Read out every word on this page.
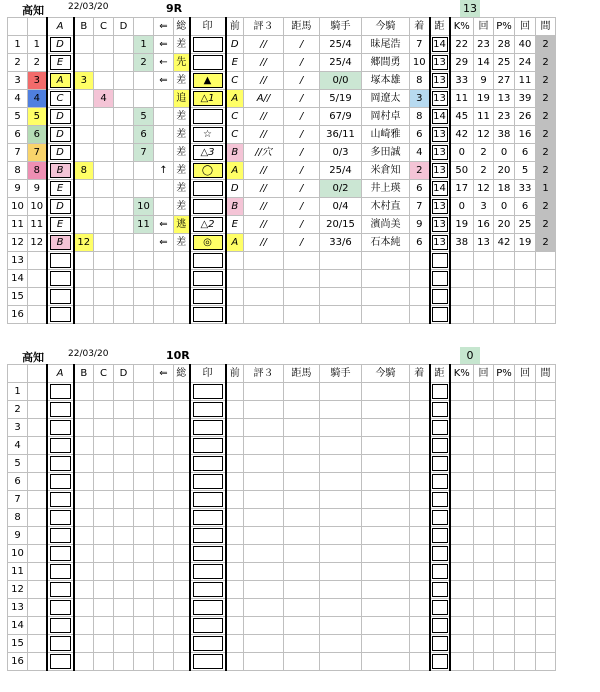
高知	22/03/20	9R	13
		A	B	C	D		⇐	総	印	前	評３	距馬	騎手	今騎	着	距	K%	回	P%	回	間
1	1	D				1	⇐	差		D	//	/	25/4	昧尾浩	7	14	22	23	28	40	2
2	2	E				2	←	先		E	//	/	25/4	郷間勇	10	13	29	14	25	24	2
3	3	A	3				⇐	差	▲	C	//	/	0/0	塚本雄	8	13	33	9	27	11	2
4	4	C		4				追	△1	A	A//	/	5/19	岡遼太	3	13	11	19	13	39	2
5	5	D				5		差		C	//	/	67/9	岡村卓	8	14	45	11	23	26	2
6	6	D				6		差	☆	C	//	/	36/11	山崎雅	6	13	42	12	38	16	2
7	7	D				7		差	△3	B	//穴	/	0/3	多田誠	4	13	0	2	0	6	2
8	8	B	8				↑	差	◯	A	//	/	25/4	米倉知	2	13	50	2	20	5	2
9	9	E						差		D	//	/	0/2	井上瑛	6	14	17	12	18	33	1
10	10	D				10		差		B	//	/	0/4	木村直	7	13	0	3	0	6	2
11	11	E				11	⇐	逃	△2	E	//	/	20/15	濱尚美	9	13	19	16	20	25	2
12	12	B	12				⇐	差	◎	A	//	/	33/6	石本純	6	13	38	13	42	19	2
13		

14		

15		

16		

高知	22/03/20	10R	0
		A	B	C	D		⇐	総	印	前	評３	距馬	騎手	今騎	着	距	K%	回	P%	回	間
1		

2		

3		

4		

5		

6		

7		

8		

9		

10		

11		

12		

13		

14		

15		

16		
